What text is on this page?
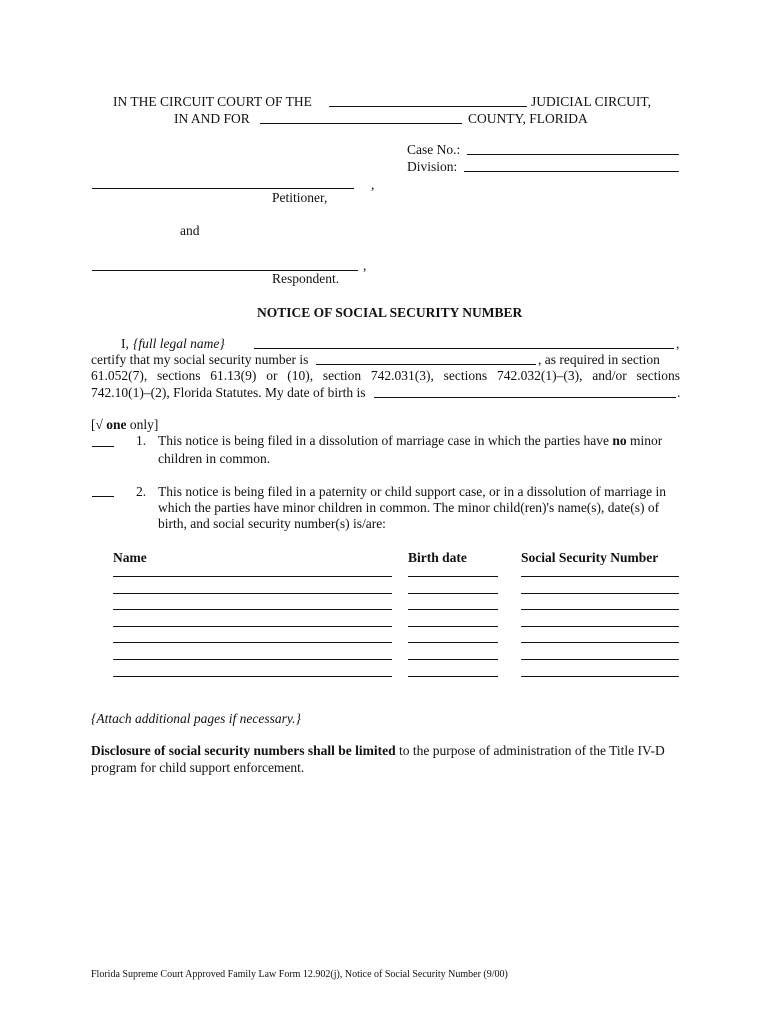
IN THE CIRCUIT COURT OF THE	JUDICIAL CIRCUIT,
IN AND FOR	COUNTY, FLORIDA
Case No.:
Division:
,
Petitioner,
and
,
Respondent.
NOTICE OF SOCIAL SECURITY NUMBER
I, {full legal name}	,
certify that my social security number is	, as required in section
61.052(7), sections 61.13(9) or (10), section 742.031(3), sections 742.032(1)–(3), and/or sections
742.10(1)–(2), Florida Statutes. My date of birth is	.
[√ one only]
1. This notice is being filed in a dissolution of marriage case in which the parties have no minor
children in common.
2. This notice is being filed in a paternity or child support case, or in a dissolution of marriage in
which the parties have minor children in common. The minor child(ren)'s name(s), date(s) of
birth, and social security number(s) is/are:
Name	Birth date	Social Security Number
{Attach additional pages if necessary.}
Disclosure of social security numbers shall be limited to the purpose of administration of the Title IV-D
program for child support enforcement.
Florida Supreme Court Approved Family Law Form 12.902(j), Notice of Social Security Number (9/00)
